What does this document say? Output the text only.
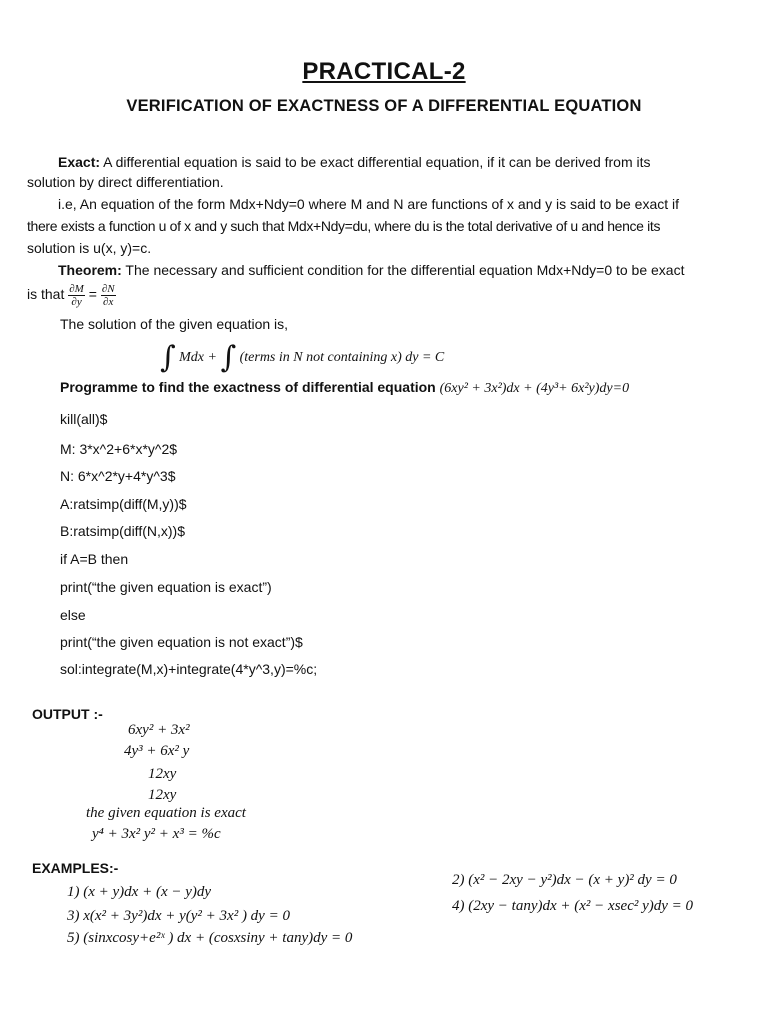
PRACTICAL-2
VERIFICATION OF EXACTNESS OF A DIFFERENTIAL EQUATION
Exact: A differential equation is said to be exact differential equation, if it can be derived from its
solution by direct differentiation.
i.e, An equation of the form Mdx+Ndy=0 where M and N are functions of x and y is said to be exact if
there exists a function u of x and y such that Mdx+Ndy=du, where du is the total derivative of u and hence its
solution is u(x, y)=c.
Theorem: The necessary and sufficient condition for the differential equation Mdx+Ndy=0 to be exact
is that $\frac{\partial M}{\partial y} = \frac{\partial N}{\partial x}$
The solution of the given equation is,
∫ Mdx + ∫ (terms in N not containing x) dy = C
Programme to find the exactness of differential equation (6xy² + 3x²)dx + (4y³+ 6x²y)dy=0
kill(all)$
M: 3*x^2+6*x*y^2$
N: 6*x^2*y+4*y^3$
A:ratsimp(diff(M,y))$
B:ratsimp(diff(N,x))$
if A=B then
print(“the given equation is exact”)
else
print(“the given equation is not exact”)$
sol:integrate(M,x)+integrate(4*y^3,y)=%c;
OUTPUT :-
6xy² + 3x²
4y³ + 6x² y
12xy
12xy
the given equation is exact
y⁴ + 3x² y² + x³ = %c
EXAMPLES:-
1) (x + y)dx + (x − y)dy
2) (x² − 2xy − y²)dx − (x + y)² dy = 0
3) x(x² + 3y²)dx + y(y² + 3x² ) dy = 0
4) (2xy − tany)dx + (x² − xsec² y)dy = 0
5) (sinxcosy+e²ˣ ) dx + (cosxsiny + tany)dy = 0
